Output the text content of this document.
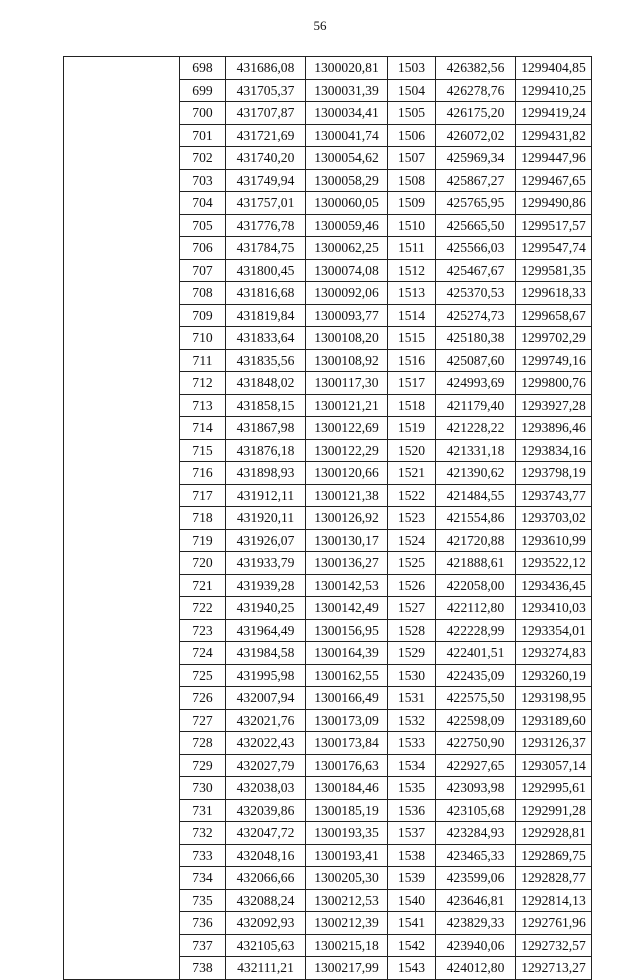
56
	698	431686,08	1300020,81	1503	426382,56	1299404,85
	699	431705,37	1300031,39	1504	426278,76	1299410,25
	700	431707,87	1300034,41	1505	426175,20	1299419,24
	701	431721,69	1300041,74	1506	426072,02	1299431,82
	702	431740,20	1300054,62	1507	425969,34	1299447,96
	703	431749,94	1300058,29	1508	425867,27	1299467,65
	704	431757,01	1300060,05	1509	425765,95	1299490,86
	705	431776,78	1300059,46	1510	425665,50	1299517,57
	706	431784,75	1300062,25	1511	425566,03	1299547,74
	707	431800,45	1300074,08	1512	425467,67	1299581,35
	708	431816,68	1300092,06	1513	425370,53	1299618,33
	709	431819,84	1300093,77	1514	425274,73	1299658,67
	710	431833,64	1300108,20	1515	425180,38	1299702,29
	711	431835,56	1300108,92	1516	425087,60	1299749,16
	712	431848,02	1300117,30	1517	424993,69	1299800,76
	713	431858,15	1300121,21	1518	421179,40	1293927,28
	714	431867,98	1300122,69	1519	421228,22	1293896,46
	715	431876,18	1300122,29	1520	421331,18	1293834,16
	716	431898,93	1300120,66	1521	421390,62	1293798,19
	717	431912,11	1300121,38	1522	421484,55	1293743,77
	718	431920,11	1300126,92	1523	421554,86	1293703,02
	719	431926,07	1300130,17	1524	421720,88	1293610,99
	720	431933,79	1300136,27	1525	421888,61	1293522,12
	721	431939,28	1300142,53	1526	422058,00	1293436,45
	722	431940,25	1300142,49	1527	422112,80	1293410,03
	723	431964,49	1300156,95	1528	422228,99	1293354,01
	724	431984,58	1300164,39	1529	422401,51	1293274,83
	725	431995,98	1300162,55	1530	422435,09	1293260,19
	726	432007,94	1300166,49	1531	422575,50	1293198,95
	727	432021,76	1300173,09	1532	422598,09	1293189,60
	728	432022,43	1300173,84	1533	422750,90	1293126,37
	729	432027,79	1300176,63	1534	422927,65	1293057,14
	730	432038,03	1300184,46	1535	423093,98	1292995,61
	731	432039,86	1300185,19	1536	423105,68	1292991,28
	732	432047,72	1300193,35	1537	423284,93	1292928,81
	733	432048,16	1300193,41	1538	423465,33	1292869,75
	734	432066,66	1300205,30	1539	423599,06	1292828,77
	735	432088,24	1300212,53	1540	423646,81	1292814,13
	736	432092,93	1300212,39	1541	423829,33	1292761,96
	737	432105,63	1300215,18	1542	423940,06	1292732,57
	738	432111,21	1300217,99	1543	424012,80	1292713,27
